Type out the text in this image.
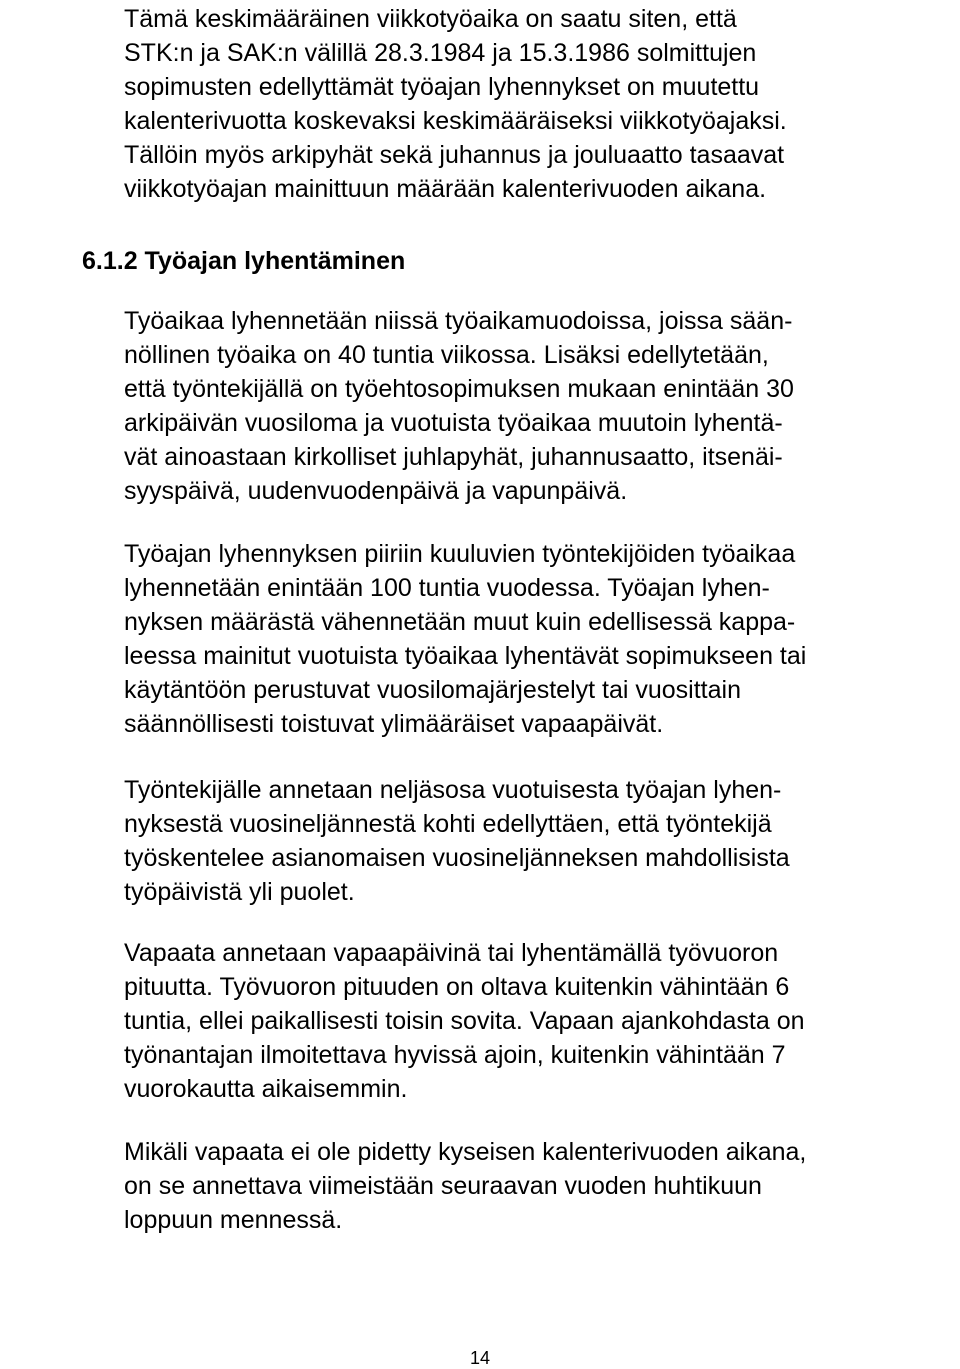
Tämä keskimääräinen viikkotyöaika on saatu siten, että
STK:n ja SAK:n välillä 28.3.1984 ja 15.3.1986 solmittujen
sopimusten edellyttämät työajan lyhennykset on muutettu
kalenterivuotta koskevaksi keskimääräiseksi viikkotyöajaksi.
Tällöin myös arkipyhät sekä juhannus ja jouluaatto tasaavat
viikkotyöajan mainittuun määrään kalenterivuoden aikana.

6.1.2 Työajan lyhentäminen

Työaikaa lyhennetään niissä työaikamuodoissa, joissa sään-
nöllinen työaika on 40 tuntia viikossa. Lisäksi edellytetään,
että työntekijällä on työehtosopimuksen mukaan enintään 30
arkipäivän vuosiloma ja vuotuista työaikaa muutoin lyhentä-
vät ainoastaan kirkolliset juhlapyhät, juhannusaatto, itsenäi-
syyspäivä, uudenvuodenpäivä ja vapunpäivä.

Työajan lyhennyksen piiriin kuuluvien työntekijöiden työaikaa
lyhennetään enintään 100 tuntia vuodessa. Työajan lyhen-
nyksen määrästä vähennetään muut kuin edellisessä kappa-
leessa mainitut vuotuista työaikaa lyhentävät sopimukseen tai
käytäntöön perustuvat vuosilomajärjestelyt tai vuosittain
säännöllisesti toistuvat ylimääräiset vapaapäivät.

Työntekijälle annetaan neljäsosa vuotuisesta työajan lyhen-
nyksestä vuosineljännestä kohti edellyttäen, että työntekijä
työskentelee asianomaisen vuosineljänneksen mahdollisista
työpäivistä yli puolet.

Vapaata annetaan vapaapäivinä tai lyhentämällä työvuoron
pituutta. Työvuoron pituuden on oltava kuitenkin vähintään 6
tuntia, ellei paikallisesti toisin sovita. Vapaan ajankohdasta on
työnantajan ilmoitettava hyvissä ajoin, kuitenkin vähintään 7
vuorokautta aikaisemmin.

Mikäli vapaata ei ole pidetty kyseisen kalenterivuoden aikana,
on se annettava viimeistään seuraavan vuoden huhtikuun
loppuun mennessä.

14
